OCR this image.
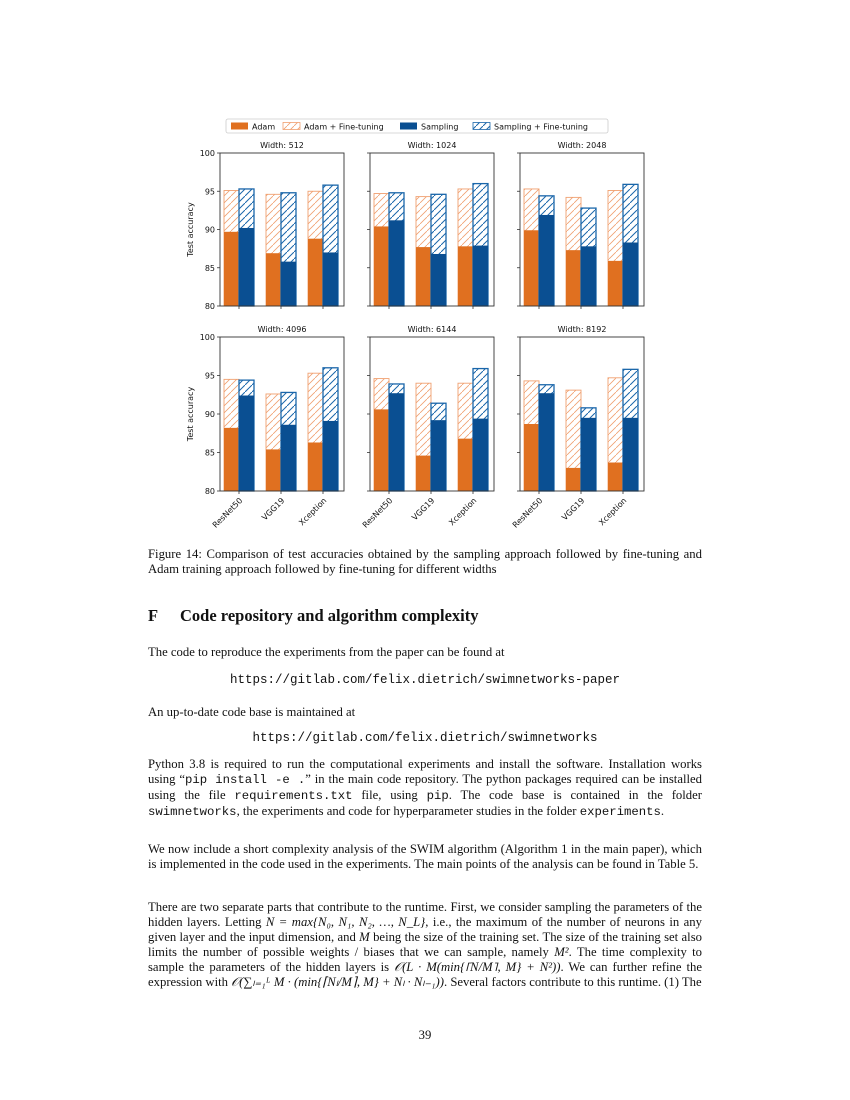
Adam	Adam + Fine-tuning	Sampling	Sampling + Fine-tuning
Width: 512
80
85
90
95
100
Test accuracy
Width: 1024	Width: 2048
Width: 4096
80
85
90
95
100
Test accuracy
ResNet50 VGG19 Xception
Width: 6144
ResNet50 VGG19 Xception
Width: 8192
ResNet50 VGG19 Xception
Figure 14: Comparison of test accuracies obtained by the sampling approach followed by fine-tuning and Adam training approach followed by fine-tuning for different widths
F Code repository and algorithm complexity
The code to reproduce the experiments from the paper can be found at
https://gitlab.com/felix.dietrich/swimnetworks-paper
An up-to-date code base is maintained at
https://gitlab.com/felix.dietrich/swimnetworks
Python 3.8 is required to run the computational experiments and install the software. Installation works using “pip install -e .” in the main code repository. The python packages required can be installed using the file requirements.txt file, using pip. The code base is contained in the folder swimnetworks, the experiments and code for hyperparameter studies in the folder experiments.
We now include a short complexity analysis of the SWIM algorithm (Algorithm 1 in the main paper), which is implemented in the code used in the experiments. The main points of the analysis can be found in Table 5.
There are two separate parts that contribute to the runtime. First, we consider sampling the parameters of the hidden layers. Letting N = max{N₀, N₁, N₂, …, N_L}, i.e., the maximum of the number of neurons in any given layer and the input dimension, and M being the size of the training set. The size of the training set also limits the number of possible weights / biases that we can sample, namely M². The time complexity to sample the parameters of the hidden layers is 𝒪(L · M(min{⌈N/M⌉, M} + N²)). We can further refine the expression with 𝒪(∑ₗ₌₁ᴸ M · (min{⌈Nₗ/M⌉, M} + Nₗ · Nₗ₋₁)). Several factors contribute to this runtime. (1) The
39
